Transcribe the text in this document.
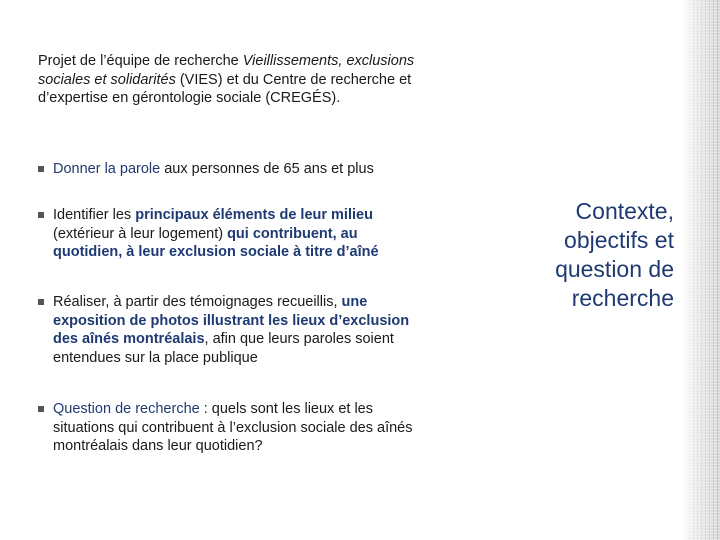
Projet de l’équipe de recherche Vieillissements, exclusions sociales et solidarités (VIES) et du Centre de recherche et d’expertise en gérontologie sociale (CREGÉS).
Donner la parole aux personnes de 65 ans et plus
Identifier les principaux éléments de leur milieu (extérieur à leur logement) qui contribuent, au quotidien, à leur exclusion sociale à titre d’aîné
Réaliser, à partir des témoignages recueillis, une exposition de photos illustrant les lieux d’exclusion des aînés montréalais, afin que leurs paroles soient entendues sur la place publique
Question de recherche : quels sont les lieux et les situations qui contribuent à l’exclusion sociale des aînés montréalais dans leur quotidien?
Contexte,
objectifs et
question de
recherche
